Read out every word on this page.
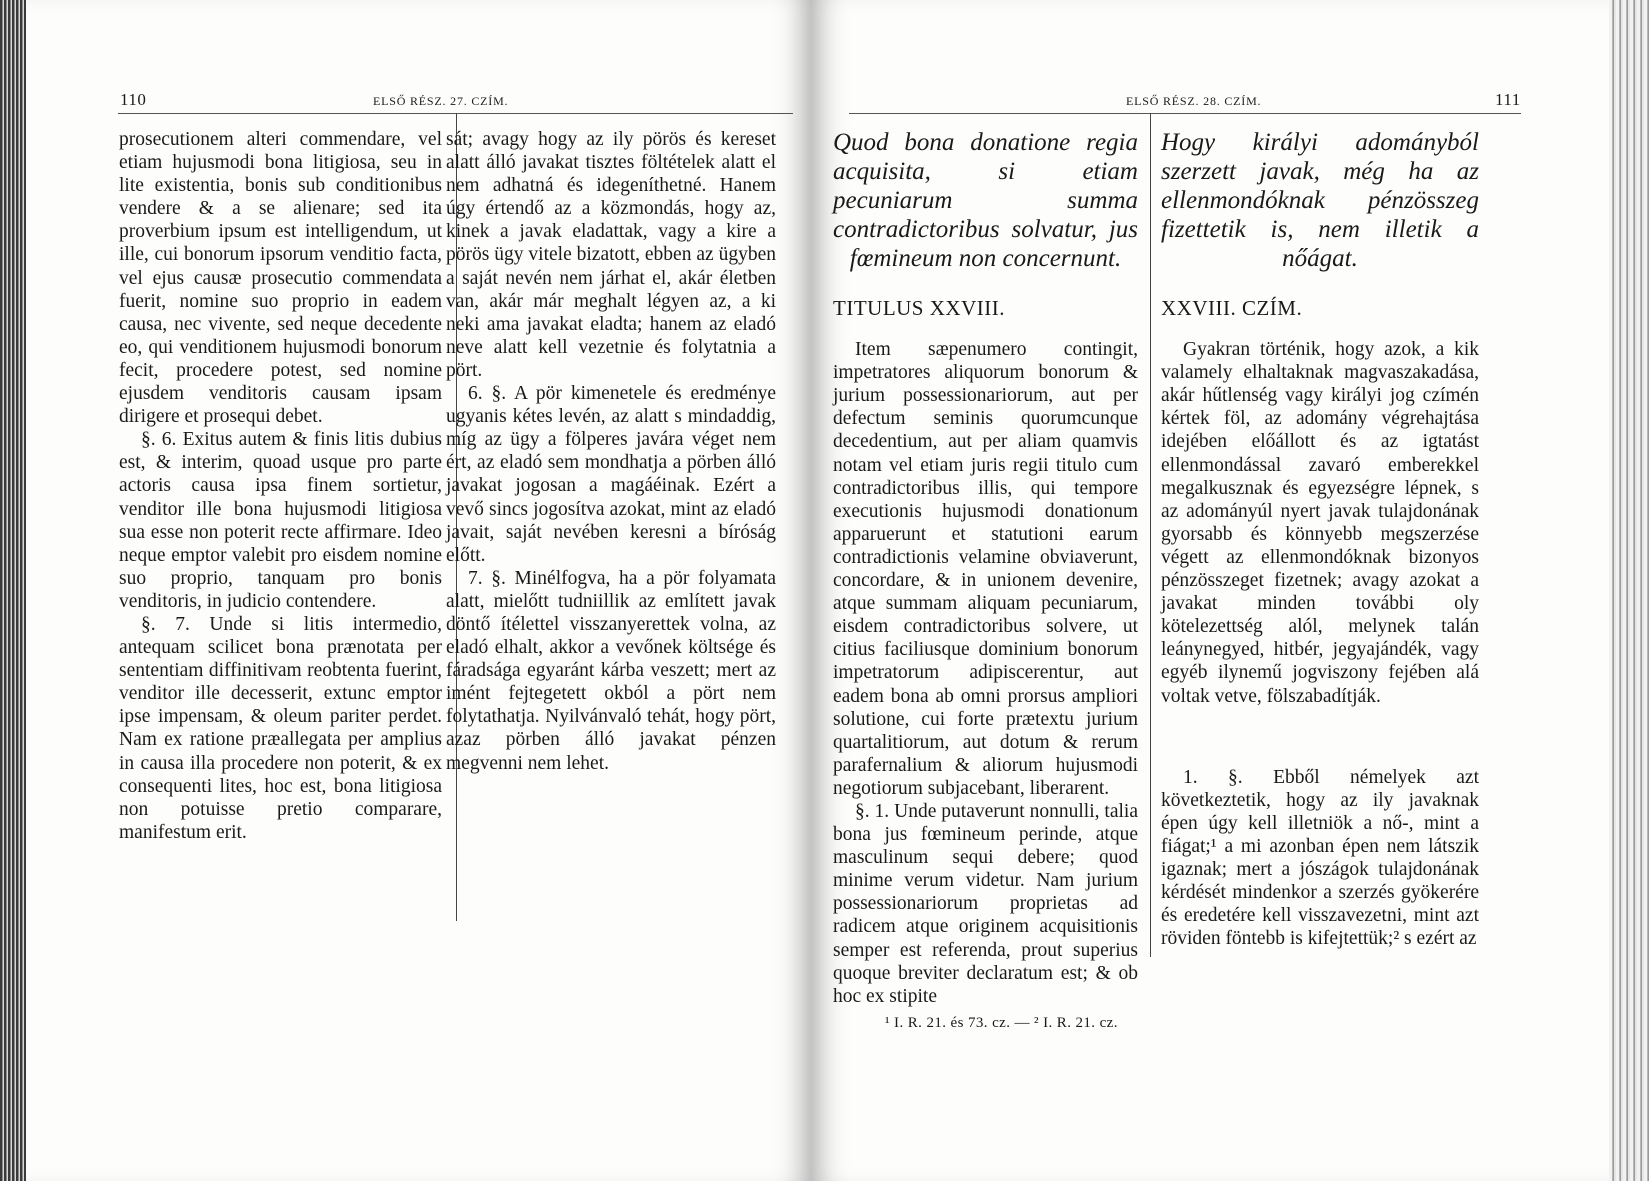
110	ELSŐ RÉSZ. 27. CZÍM.

prosecutionem alteri commendare, vel etiam hujusmodi bona litigiosa, seu in lite existentia, bonis sub conditionibus vendere & a se alienare; sed ita proverbium ipsum est intelligendum, ut ille, cui bonorum ipsorum venditio facta, vel ejus causæ prosecutio commendata fuerit, nomine suo proprio in eadem causa, nec vivente, sed neque decedente eo, qui venditionem hujusmodi bonorum fecit, procedere potest, sed nomine ejusdem venditoris causam ipsam dirigere et prosequi debet.

§. 6. Exitus autem & finis litis dubius est, & interim, quoad usque pro parte actoris causa ipsa finem sortietur, venditor ille bona hujusmodi litigiosa sua esse non poterit recte affirmare. Ideo neque emptor valebit pro eisdem nomine suo proprio, tanquam pro bonis venditoris, in judicio contendere.

§. 7. Unde si litis intermedio, antequam scilicet bona prænotata per sententiam diffinitivam reobtenta fuerint, venditor ille decesserit, extunc emptor ipse impensam, & oleum pariter perdet. Nam ex ratione præallegata per amplius in causa illa procedere non poterit, & ex consequenti lites, hoc est, bona litigiosa non potuisse pretio comparare, manifestum erit.

sát; avagy hogy az ily pörös és kereset alatt álló javakat tisztes föltételek alatt el nem adhatná és idegeníthetné. Hanem úgy értendő az a közmondás, hogy az, kinek a javak eladattak, vagy a kire a pörös ügy vitele bizatott, ebben az ügyben a saját nevén nem járhat el, akár életben van, akár már meghalt légyen az, a ki neki ama javakat eladta; hanem az eladó neve alatt kell vezetnie és folytatnia a pört.

6. §. A pör kimenetele és eredménye ugyanis kétes levén, az alatt s mindaddig, míg az ügy a fölperes javára véget nem ért, az eladó sem mondhatja a pörben álló javakat jogosan a magáéinak. Ezért a vevő sincs jogosítva azokat, mint az eladó javait, saját nevében keresni a bíróság előtt.

7. §. Minélfogva, ha a pör folyamata alatt, mielőtt tudniillik az említett javak döntő ítélettel visszanyerettek volna, az eladó elhalt, akkor a vevőnek költsége és fáradsága egyaránt kárba veszett; mert az imént fejtegetett okból a pört nem folytathatja. Nyilvánvaló tehát, hogy pört, azaz pörben álló javakat pénzen megvenni nem lehet.

ELSŐ RÉSZ. 28. CZÍM.	111

Quod bona donatione regia acquisita, si etiam pecuniarum summa contradictoribus solvatur, jus fœmineum non concernunt.

TITULUS XXVIII.

Item sæpenumero contingit, impetratores aliquorum bonorum & jurium possessionariorum, aut per defectum seminis quorumcunque decedentium, aut per aliam quamvis notam vel etiam juris regii titulo cum contradictoribus illis, qui tempore executionis hujusmodi donationum apparuerunt et statutioni earum contradictionis velamine obviaverunt, concordare, & in unionem devenire, atque summam aliquam pecuniarum, eisdem contradictoribus solvere, ut citius faciliusque dominium bonorum impetratorum adipiscerentur, aut eadem bona ab omni prorsus ampliori solutione, cui forte prætextu jurium quartalitiorum, aut dotum & rerum parafernalium & aliorum hujusmodi negotiorum subjacebant, liberarent.

§. 1. Unde putaverunt nonnulli, talia bona jus fœmineum perinde, atque masculinum sequi debere; quod minime verum videtur. Nam jurium possessionariorum proprietas ad radicem atque originem acquisitionis semper est referenda, prout superius quoque breviter declaratum est; & ob hoc ex stipite

Hogy királyi adományból szerzett javak, még ha az ellenmondóknak pénzösszeg fizettetik is, nem illetik a nőágat.

XXVIII. CZÍM.

Gyakran történik, hogy azok, a kik valamely elhaltaknak magvaszakadása, akár hűtlenség vagy királyi jog czímén kértek föl, az adomány végrehajtása idejében előállott és az igtatást ellenmondással zavaró emberekkel megalkusznak és egyezségre lépnek, s az adományúl nyert javak tulajdonának gyorsabb és könnyebb megszerzése végett az ellenmondóknak bizonyos pénzösszeget fizetnek; avagy azokat a javakat minden további oly kötelezettség alól, melynek talán leánynegyed, hitbér, jegyajándék, vagy egyéb ilynemű jogviszony fejében alá voltak vetve, fölszabadítják.

1. §. Ebből némelyek azt következtetik, hogy az ily javaknak épen úgy kell illetniök a nő-, mint a fiágat;¹ a mi azonban épen nem látszik igaznak; mert a jószágok tulajdonának kérdését mindenkor a szerzés gyökerére és eredetére kell visszavezetni, mint azt röviden föntebb is kifejtettük;² s ezért az

¹ I. R. 21. és 73. cz. — ² I. R. 21. cz.
